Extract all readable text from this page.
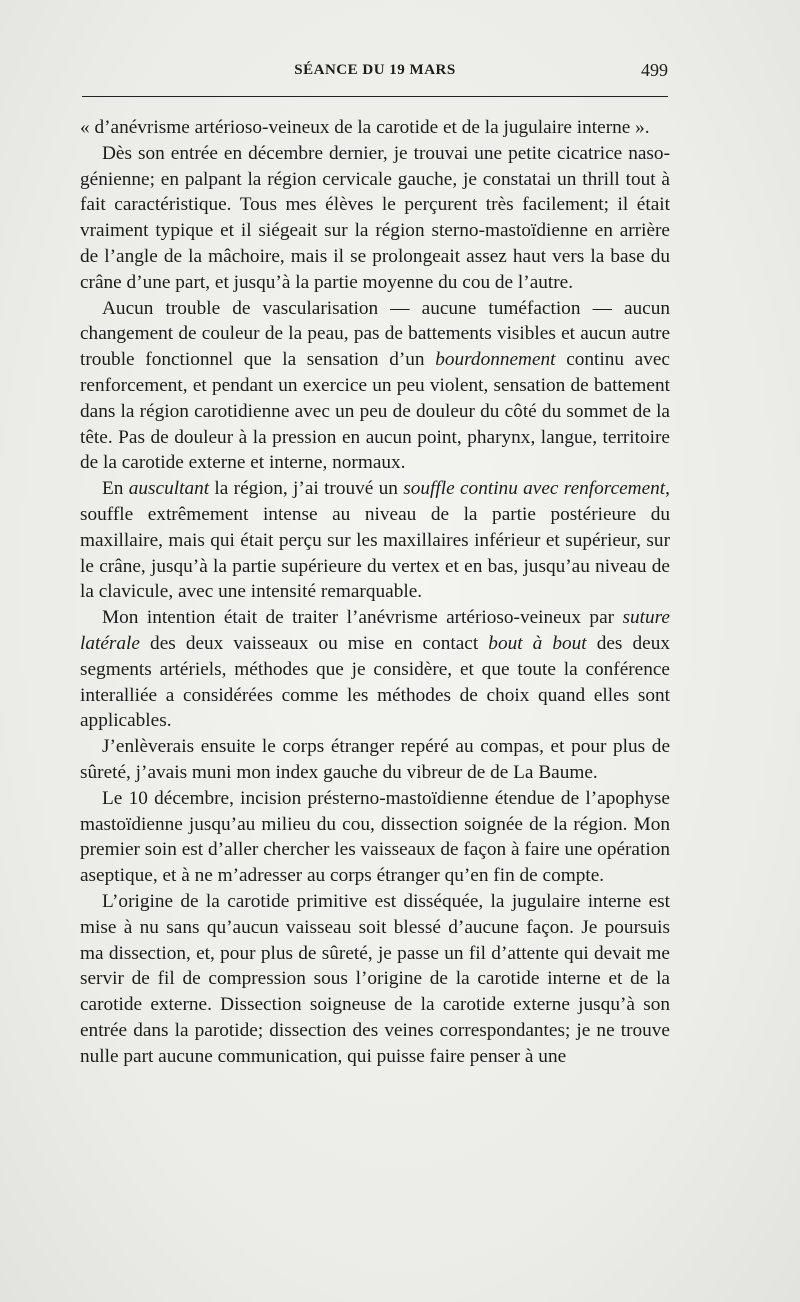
SÉANCE DU 19 MARS	499

« d’anévrisme artérioso-veineux de la carotide et de la jugulaire interne ».

Dès son entrée en décembre dernier, je trouvai une petite cicatrice naso-génienne; en palpant la région cervicale gauche, je constatai un thrill tout à fait caractéristique. Tous mes élèves le perçurent très facilement; il était vraiment typique et il siégeait sur la région sterno-mastoïdienne en arrière de l’angle de la mâchoire, mais il se prolongeait assez haut vers la base du crâne d’une part, et jusqu’à la partie moyenne du cou de l’autre.

Aucun trouble de vascularisation — aucune tuméfaction — aucun changement de couleur de la peau, pas de battements visibles et aucun autre trouble fonctionnel que la sensation d’un bourdonnement continu avec renforcement, et pendant un exercice un peu violent, sensation de battement dans la région carotidienne avec un peu de douleur du côté du sommet de la tête. Pas de douleur à la pression en aucun point, pharynx, langue, territoire de la carotide externe et interne, normaux.

En auscultant la région, j’ai trouvé un souffle continu avec renforcement, souffle extrêmement intense au niveau de la partie postérieure du maxillaire, mais qui était perçu sur les maxillaires inférieur et supérieur, sur le crâne, jusqu’à la partie supérieure du vertex et en bas, jusqu’au niveau de la clavicule, avec une intensité remarquable.

Mon intention était de traiter l’anévrisme artérioso-veineux par suture latérale des deux vaisseaux ou mise en contact bout à bout des deux segments artériels, méthodes que je considère, et que toute la conférence interalliée a considérées comme les méthodes de choix quand elles sont applicables.

J’enlèverais ensuite le corps étranger repéré au compas, et pour plus de sûreté, j’avais muni mon index gauche du vibreur de de La Baume.

Le 10 décembre, incision présterno-mastoïdienne étendue de l’apophyse mastoïdienne jusqu’au milieu du cou, dissection soignée de la région. Mon premier soin est d’aller chercher les vaisseaux de façon à faire une opération aseptique, et à ne m’adresser au corps étranger qu’en fin de compte.

L’origine de la carotide primitive est disséquée, la jugulaire interne est mise à nu sans qu’aucun vaisseau soit blessé d’aucune façon. Je poursuis ma dissection, et, pour plus de sûreté, je passe un fil d’attente qui devait me servir de fil de compression sous l’origine de la carotide interne et de la carotide externe. Dissection soigneuse de la carotide externe jusqu’à son entrée dans la parotide; dissection des veines correspondantes; je ne trouve nulle part aucune communication, qui puisse faire penser à une
